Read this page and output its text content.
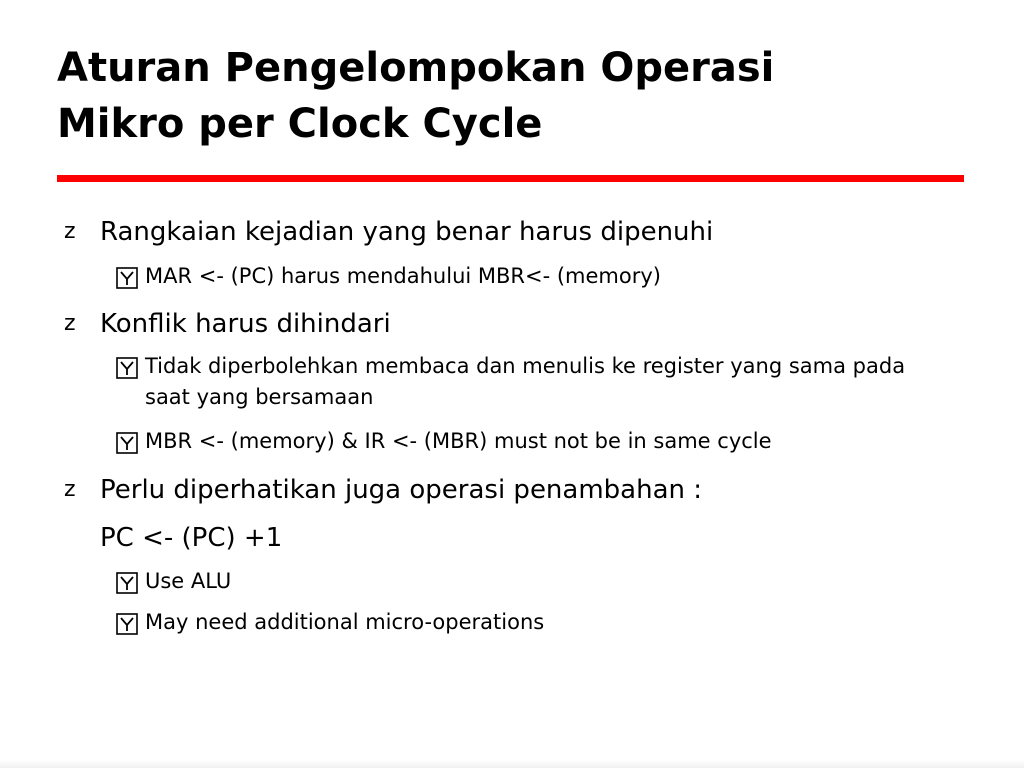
Aturan Pengelompokan Operasi
Mikro per Clock Cycle
z Rangkaian kejadian yang benar harus dipenuhi
MAR <- (PC) harus mendahului MBR<- (memory)
z Konflik harus dihindari
Tidak diperbolehkan membaca dan menulis ke register yang sama pada saat yang bersamaan
MBR <- (memory) & IR <- (MBR) must not be in same cycle
z Perlu diperhatikan juga operasi penambahan :
PC <- (PC) +1
Use ALU
May need additional micro-operations
